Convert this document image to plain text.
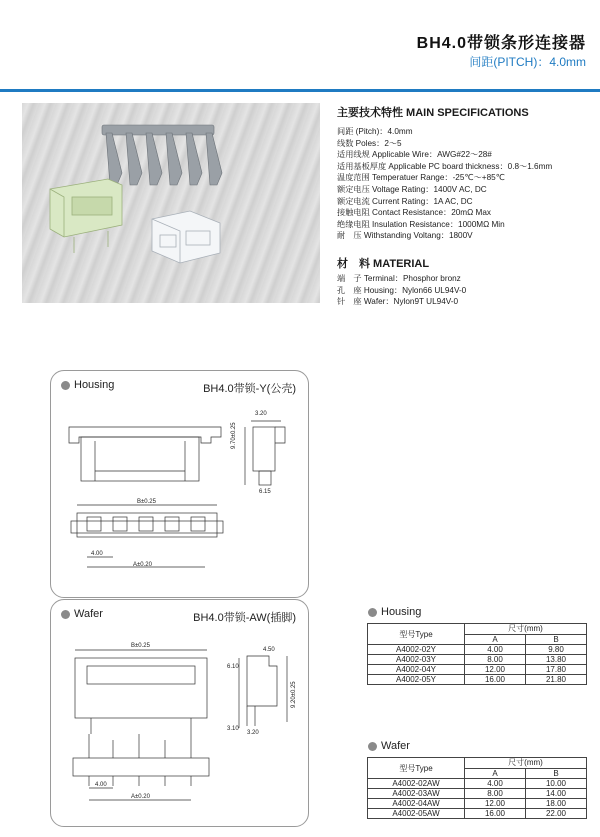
BH4.0带锁条形连接器
间距(PITCH)：4.0mm
主要技术特性 MAIN SPECIFICATIONS
间距 (Pitch)：4.0mm
线数 Poles：2～5
适用线规 Applicable Wire：AWG#22～28#
适用基板厚度 Applicable PC board thickness：0.8～1.6mm
温度范围 Temperatuer Range：-25℃～+85℃
额定电压 Voltage Rating：1400V AC, DC
额定电流 Current Rating：1A AC, DC
接触电阻 Contact Resistance：20mΩ Max
绝缘电阻 Insulation Resistance：1000MΩ Min
耐　压 Withstanding Voltang：1800V
材　料 MATERIAL
端　子 Terminal：Phosphor bronz
孔　座 Housing：Nylon66 UL94V-0
针　座 Wafer：Nylon9T UL94V-0
Housing	BH4.0带锁-Y(公壳)
3.20
9.70±0.25
6.15
B±0.25
4.00
A±0.20
Wafer	BH4.0带锁-AW(插脚)
B±0.25
4.50
6.10
9.20±0.25
3.20
3.10
4.00
A±0.20
Housing
型号Type	尺寸(mm)	
	A	B
A4002-02Y	4.00	9.80
A4002-03Y	8.00	13.80
A4002-04Y	12.00	17.80
A4002-05Y	16.00	21.80
Wafer
型号Type	尺寸(mm)	
	A	B
A4002-02AW	4.00	10.00
A4002-03AW	8.00	14.00
A4002-04AW	12.00	18.00
A4002-05AW	16.00	22.00
